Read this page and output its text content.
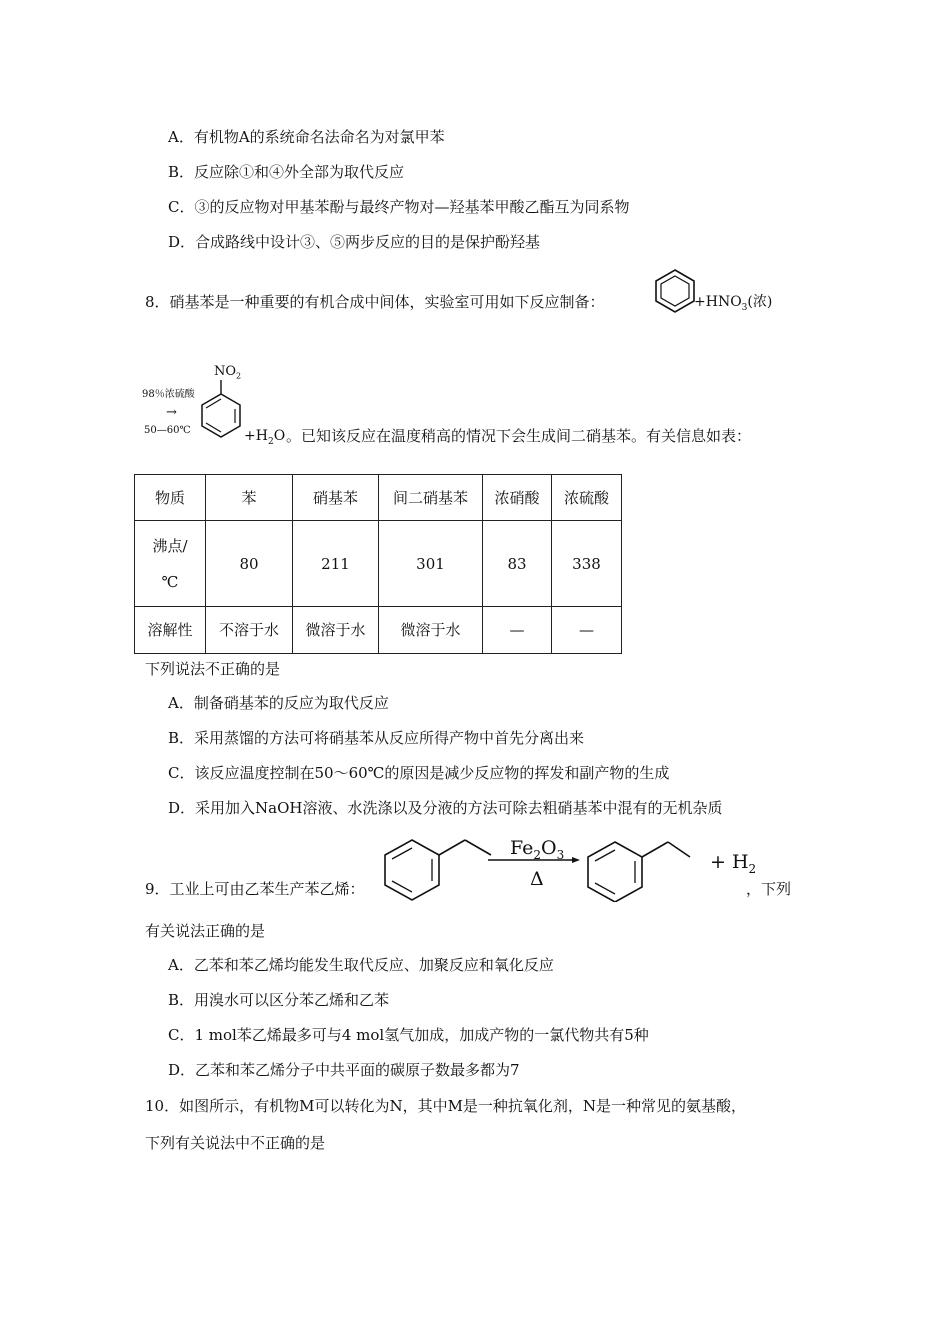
A．有机物A的系统命名法命名为对氯甲苯
B．反应除①和④外全部为取代反应
C．③的反应物对甲基苯酚与最终产物对—羟基苯甲酸乙酯互为同系物
D．合成路线中设计③、⑤两步反应的目的是保护酚羟基
8．硝基苯是一种重要的有机合成中间体，实验室可用如下反应制备：	$+HNO_3$(浓)
98％浓硫酸
→
50—60℃
$NO_2$
$+H_2O$ 。已知该反应在温度稍高的情况下会生成间二硝基苯。有关信息如表：
物质	苯	硝基苯	间二硝基苯	浓硝酸	浓硫酸

沸点/
℃	80	211	301	83	338
溶解性	不溶于水	微溶于水	微溶于水	—	—
下列说法不正确的是
A．制备硝基苯的反应为取代反应
B．采用蒸馏的方法可将硝基苯从反应所得产物中首先分离出来
C．该反应温度控制在50～60℃的原因是减少反应物的挥发和副产物的生成
D．采用加入NaOH溶液、水洗涤以及分液的方法可除去粗硝基苯中混有的无机杂质
9．工业上可由乙苯生产苯乙烯：
$Fe_2O_3$
Δ
+ $H_2$
，下列
有关说法正确的是
A．乙苯和苯乙烯均能发生取代反应、加聚反应和氧化反应
B．用溴水可以区分苯乙烯和乙苯
C．1 mol苯乙烯最多可与4 mol氢气加成，加成产物的一氯代物共有5种
D．乙苯和苯乙烯分子中共平面的碳原子数最多都为7
10．如图所示，有机物M可以转化为N，其中M是一种抗氧化剂，N是一种常见的氨基酸，
下列有关说法中不正确的是
